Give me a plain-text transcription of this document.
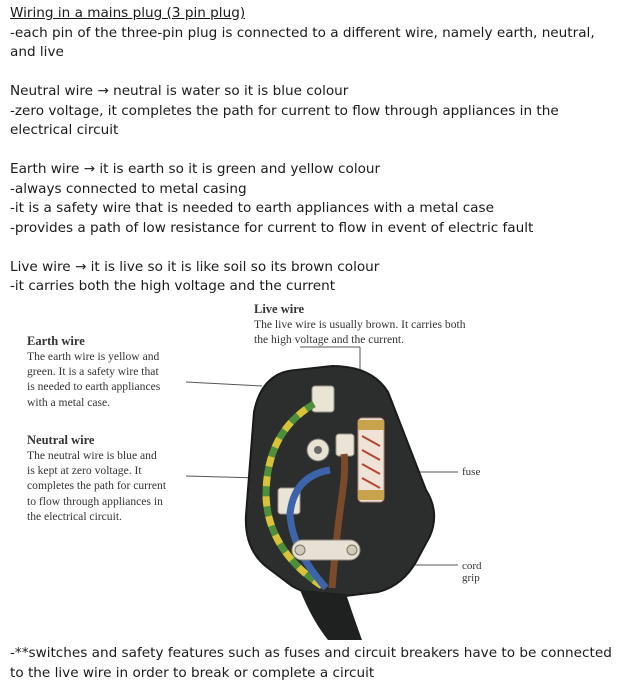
Wiring in a mains plug (3 pin plug)

-each pin of the three-pin plug is connected to a different wire, namely earth, neutral, and live

Neutral wire → neutral is water so it is blue colour

-zero voltage, it completes the path for current to flow through appliances in the electrical circuit

Earth wire → it is earth so it is green and yellow colour

-always connected to metal casing

-it is a safety wire that is needed to earth appliances with a metal case

-provides a path of low resistance for current to flow in event of electric fault

Live wire → it is live so it is like soil so its brown colour

-it carries both the high voltage and the current

Live wire
The live wire is usually brown. It carries both
the high voltage and the current.
Earth wire
The earth wire is yellow and
green. It is a safety wire that
is needed to earth appliances
with a metal case.
Neutral wire
The neutral wire is blue and
is kept at zero voltage. It
completes the path for current
to flow through appliances in
the electrical circuit.
fuse
cord
grip

-**switches and safety features such as fuses and circuit breakers have to be connected to the live wire in order to break or complete a circuit
